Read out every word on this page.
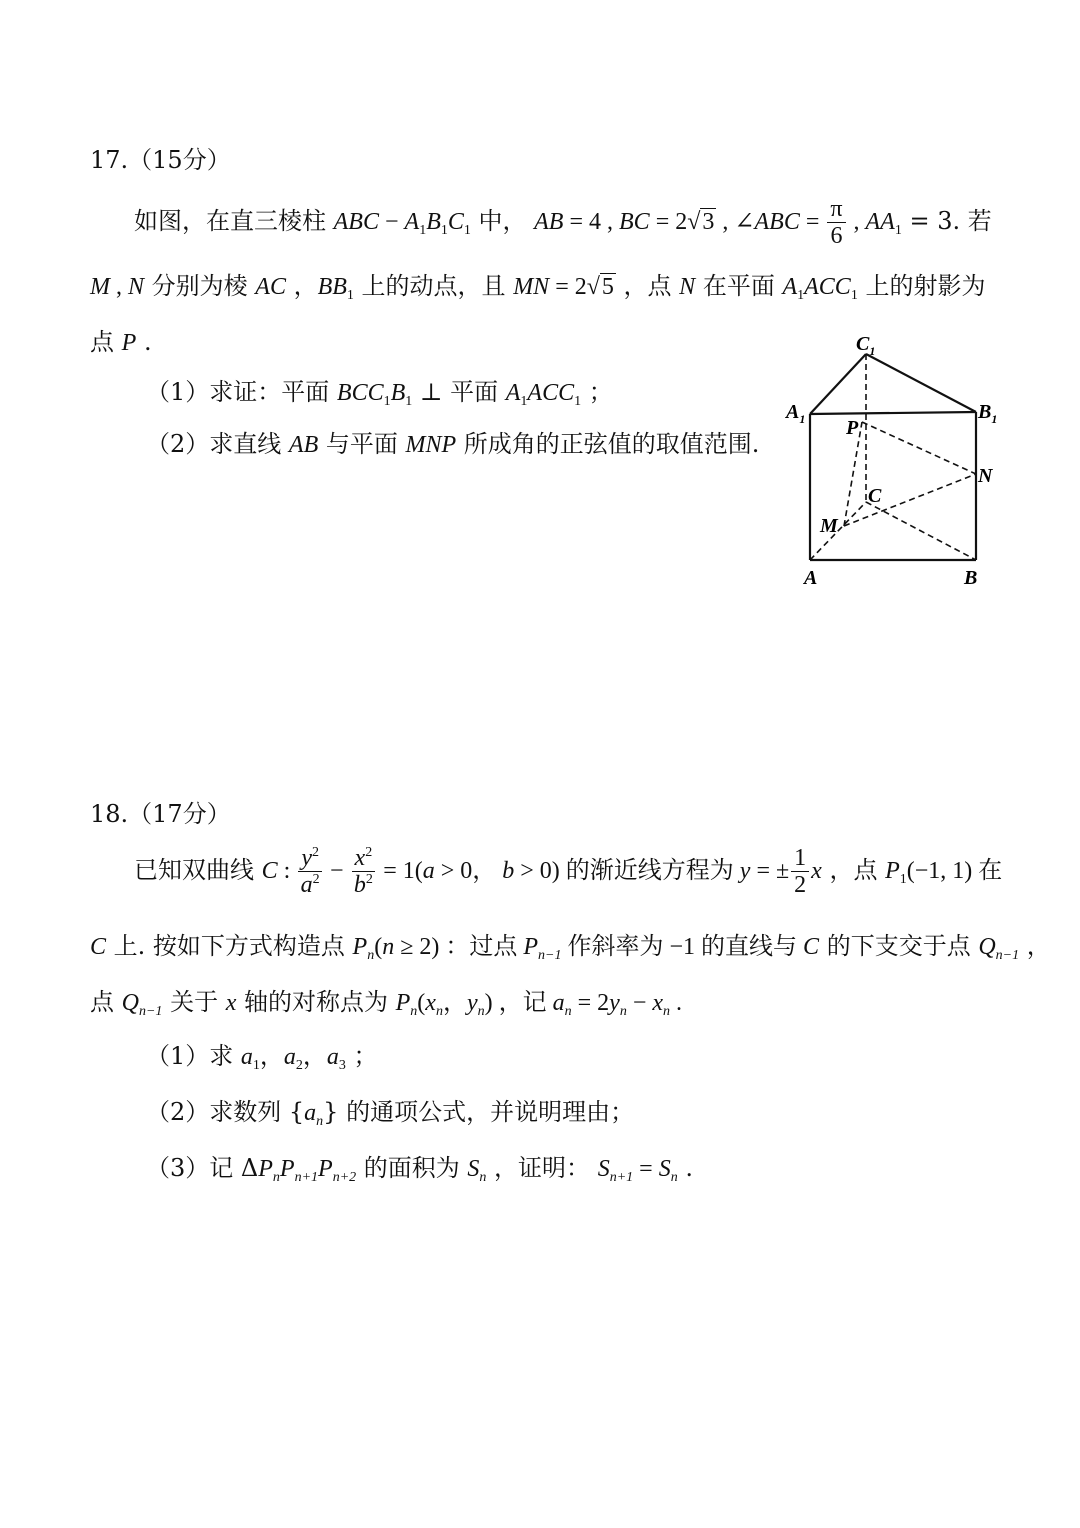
17.（15分）
如图，在直三棱柱 ABC − $A_1B_1C_1$ 中， AB = 4 , BC = 2√3 , ∠ABC = $\frac{\pi}{6}$ , $AA_1 = 3$. 若
M , N 分别为棱 AC ，$BB_1$ 上的动点，且 MN = 2√5 ，点 N 在平面 $A_1ACC_1$ 上的射影为
点 P .
（1）求证：平面 $BCC_1B_1$ ⊥ 平面 $A_1ACC_1$ ；
（2）求直线 AB 与平面 MNP 所成角的正弦值的取值范围.
$C_1$
$A_1$	$B_1$
P
N
C
M
A	B
18.（17分）
已知双曲线 C : $\frac{y^2}{a^2} - \frac{x^2}{b^2} = 1(a > 0$， b > 0) 的渐近线方程为 y = ± $\frac{1}{2}$ x ，点 $P_1(-1$, 1) 在
C 上. 按如下方式构造点 $P_n(n \ge 2)$ ：过点 $P_{n-1}$ 作斜率为 −1 的直线与 C 的下支交于点 $Q_{n-1}$ ，
点 $Q_{n-1}$ 关于 x 轴的对称点为 $P_n(x_n$，$y_n$) ，记 $a_n = 2y_n - x_n$ .
（1）求 $a_1$，$a_2$，$a_3$ ；
（2）求数列 $\{a_n\}$ 的通项公式，并说明理由；
（3）记 $\Delta P_nP_{n+1}P_{n+2}$ 的面积为 $S_n$ ，证明： $S_{n+1} = S_n$ .
